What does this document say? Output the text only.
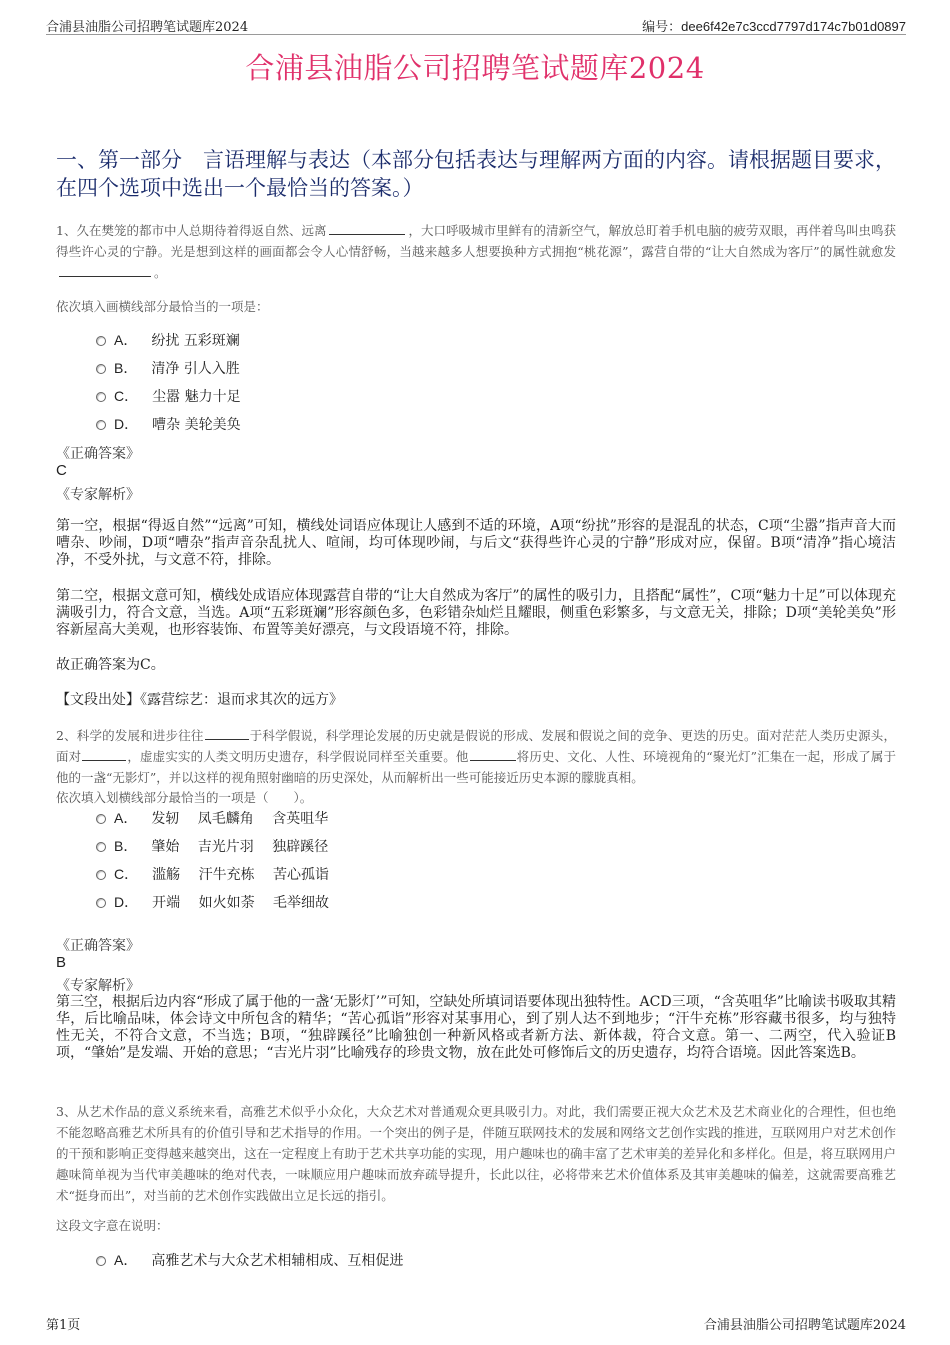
合浦县油脂公司招聘笔试题库2024	编号：dee6f42e7c3ccd7797d174c7b01d0897
合浦县油脂公司招聘笔试题库2024
一、第一部分　言语理解与表达（本部分包括表达与理解两方面的内容。请根据题目要求，在四个选项中选出一个最恰当的答案。）
1、久在樊笼的都市中人总期待着得返自然、远离	，大口呼吸城市里鲜有的清新空气，解放总盯着手机电脑的疲劳双眼，再伴着鸟叫虫鸣获得些许心灵的宁静。光是想到这样的画面都会令人心情舒畅，当越来越多人想要换种方式拥抱“桃花源”，露营自带的“让大自然成为客厅”的属性就愈发。
依次填入画横线部分最恰当的一项是：
A． 纷扰 五彩斑斓
B． 清净 引人入胜
C． 尘嚣 魅力十足
D． 嘈杂 美轮美奂
《正确答案》
C
《专家解析》
第一空，根据“得返自然”“远离”可知，横线处词语应体现让人感到不适的环境，A项“纷扰”形容的是混乱的状态，C项“尘嚣”指声音大而嘈杂、吵闹，D项“嘈杂”指声音杂乱扰人、喧闹，均可体现吵闹，与后文“获得些许心灵的宁静”形成对应，保留。B项“清净”指心境洁净，不受外扰，与文意不符，排除。
第二空，根据文意可知，横线处成语应体现露营自带的“让大自然成为客厅”的属性的吸引力，且搭配“属性”，C项“魅力十足”可以体现充满吸引力，符合文意，当选。A项“五彩斑斓”形容颜色多，色彩错杂灿烂且耀眼，侧重色彩繁多，与文意无关，排除；D项“美轮美奂”形容新屋高大美观，也形容装饰、布置等美好漂亮，与文段语境不符，排除。
故正确答案为C。
【文段出处】《露营综艺：退而求其次的远方》
2、科学的发展和进步往往	于科学假说，科学理论发展的历史就是假说的形成、发展和假说之间的竞争、更迭的历史。面对茫茫人类历史源头，面对	，虚虚实实的人类文明历史遗存，科学假说同样至关重要。他	将历史、文化、人性、环境视角的“聚光灯”汇集在一起，形成了属于他的一盏“无影灯”，并以这样的视角照射幽暗的历史深处，从而解析出一些可能接近历史本源的朦胧真相。
依次填入划横线部分最恰当的一项是（　　）。
A． 发轫　 凤毛麟角　 含英咀华
B． 肇始　 吉光片羽　 独辟蹊径
C． 滥觞　 汗牛充栋　 苦心孤诣
D． 开端　 如火如荼　 毛举细故
《正确答案》
B
《专家解析》
第三空，根据后边内容“形成了属于他的一盏‘无影灯’”可知，空缺处所填词语要体现出独特性。ACD三项，“含英咀华”比喻读书吸取其精华，后比喻品味，体会诗文中所包含的精华；“苦心孤诣”形容对某事用心，到了别人达不到地步；“汗牛充栋”形容藏书很多，均与独特性无关，不符合文意，不当选；B项，“独辟蹊径”比喻独创一种新风格或者新方法、新体裁，符合文意。第一、二两空，代入验证B项，“肇始”是发端、开始的意思；“吉光片羽”比喻残存的珍贵文物，放在此处可修饰后文的历史遗存，均符合语境。因此答案选B。
3、从艺术作品的意义系统来看，高雅艺术似乎小众化，大众艺术对普通观众更具吸引力。对此，我们需要正视大众艺术及艺术商业化的合理性，但也绝不能忽略高雅艺术所具有的价值引导和艺术指导的作用。一个突出的例子是，伴随互联网技术的发展和网络文艺创作实践的推进，互联网用户对艺术创作的干预和影响正变得越来越突出，这在一定程度上有助于艺术共享功能的实现，用户趣味也的确丰富了艺术审美的差异化和多样化。但是，将互联网用户趣味简单视为当代审美趣味的绝对代表，一味顺应用户趣味而放弃疏导提升，长此以往，必将带来艺术价值体系及其审美趣味的偏差，这就需要高雅艺术“挺身而出”，对当前的艺术创作实践做出立足长远的指引。
这段文字意在说明：
A． 高雅艺术与大众艺术相辅相成、互相促进
第1页	合浦县油脂公司招聘笔试题库2024
